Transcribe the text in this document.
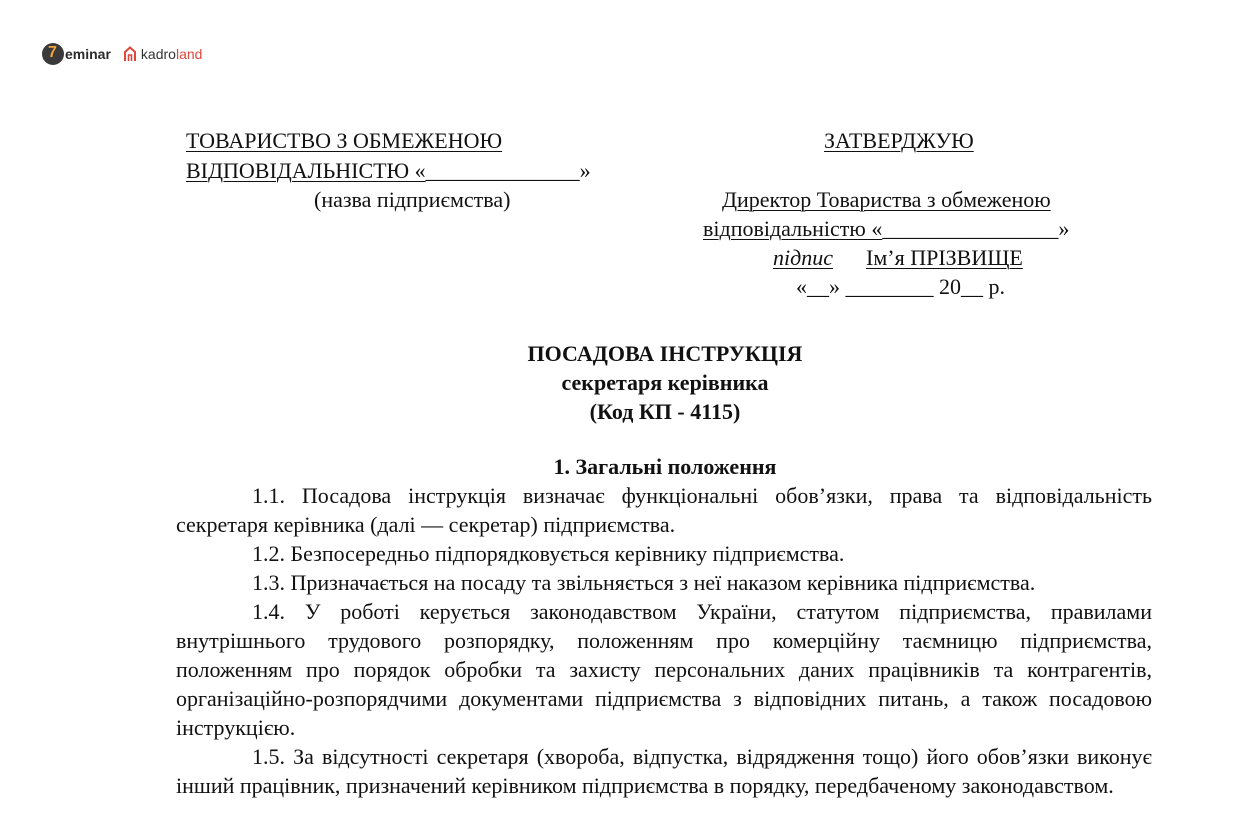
7
eminar kadro land
ТОВАРИСТВО З ОБМЕЖЕНОЮ
ВІДПОВІДАЛЬНІСТЮ «______________»
(назва підприємства)
ЗАТВЕРДЖУЮ
Директор Товариства з обмеженою
відповідальністю «________________»
підпис Ім’я ПРІЗВИЩЕ
«__» ________ 20__ р.
ПОСАДОВА ІНСТРУКЦІЯ
секретаря керівника
(Код КП - 4115)
1. Загальні положення

1.1. Посадова інструкція визначає функціональні обов’язки, права та відповідальність секретаря керівника (далі — секретар) підприємства.

1.2. Безпосередньо підпорядковується керівнику підприємства.

1.3. Призначається на посаду та звільняється з неї наказом керівника підприємства.

1.4. У роботі керується законодавством України, статутом підприємства, правилами внутрішнього трудового розпорядку, положенням про комерційну таємницю підприємства, положенням про порядок обробки та захисту персональних даних працівників та контрагентів, організаційно-розпорядчими документами підприємства з відповідних питань, а також посадовою інструкцією.

1.5. За відсутності секретаря (хвороба, відпустка, відрядження тощо) його обов’язки виконує інший працівник, призначений керівником підприємства в порядку, передбаченому законодавством.
